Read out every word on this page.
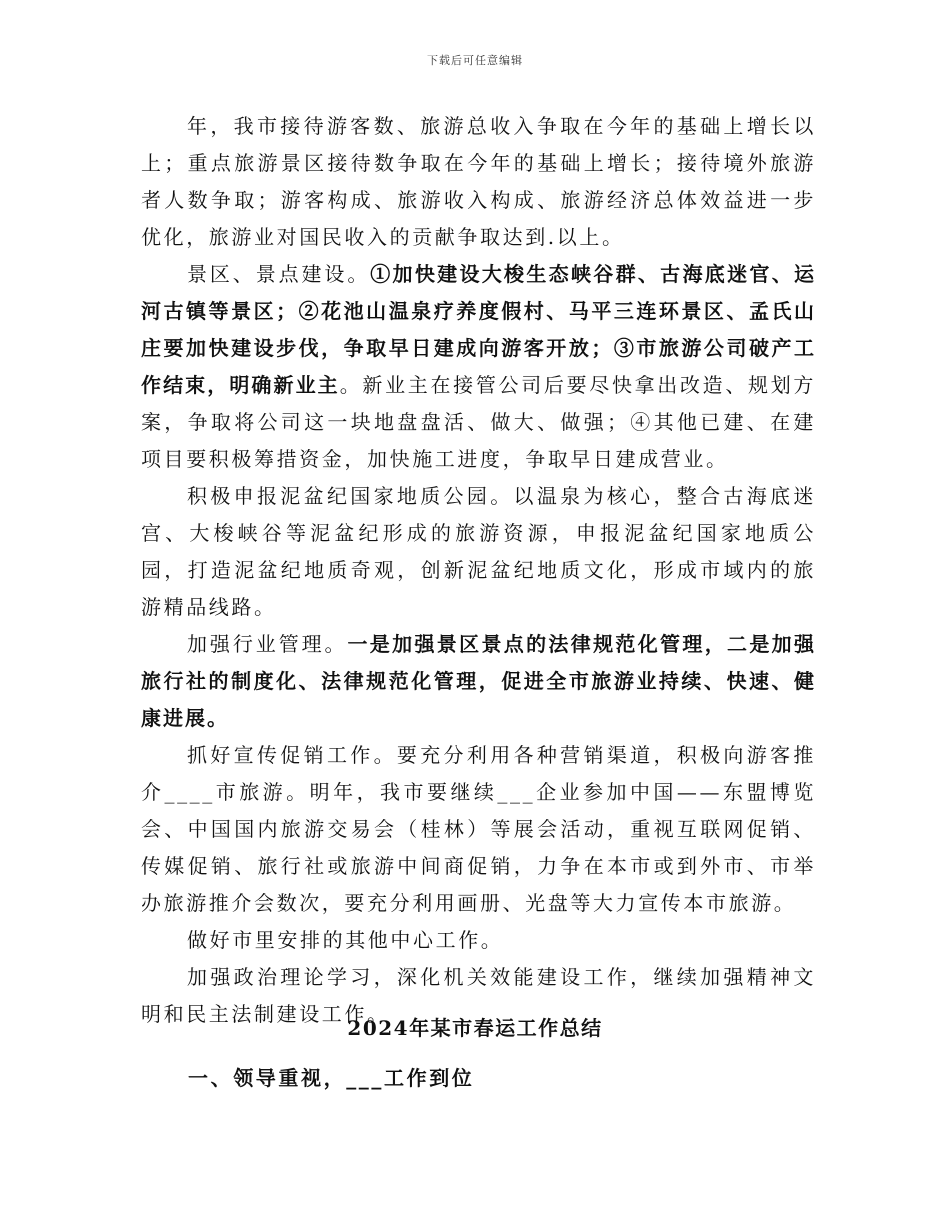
下载后可任意编辑

年，我市接待游客数、旅游总收入争取在今年的基础上增长以上；重点旅游景区接待数争取在今年的基础上增长；接待境外旅游者人数争取；游客构成、旅游收入构成、旅游经济总体效益进一步优化，旅游业对国民收入的贡献争取达到.以上。

景区、景点建设。①加快建设大梭生态峡谷群、古海底迷官、运河古镇等景区；②花池山温泉疗养度假村、马平三连环景区、孟氏山庄要加快建设步伐，争取早日建成向游客开放；③市旅游公司破产工作结束，明确新业主。新业主在接管公司后要尽快拿出改造、规划方案，争取将公司这一块地盘盘活、做大、做强；④其他已建、在建项目要积极筹措资金，加快施工进度，争取早日建成营业。

积极申报泥盆纪国家地质公园。以温泉为核心，整合古海底迷宫、大梭峡谷等泥盆纪形成的旅游资源，申报泥盆纪国家地质公园，打造泥盆纪地质奇观，创新泥盆纪地质文化，形成市域内的旅游精品线路。

加强行业管理。一是加强景区景点的法律规范化管理，二是加强旅行社的制度化、法律规范化管理，促进全市旅游业持续、快速、健康进展。

抓好宣传促销工作。要充分利用各种营销渠道，积极向游客推介____市旅游。明年，我市要继续___企业参加中国——东盟博览会、中国国内旅游交易会（桂林）等展会活动，重视互联网促销、传媒促销、旅行社或旅游中间商促销，力争在本市或到外市、市举办旅游推介会数次，要充分利用画册、光盘等大力宣传本市旅游。

做好市里安排的其他中心工作。

加强政治理论学习，深化机关效能建设工作，继续加强精神文明和民主法制建设工作。

2024年某市春运工作总结
一、领导重视，___工作到位
